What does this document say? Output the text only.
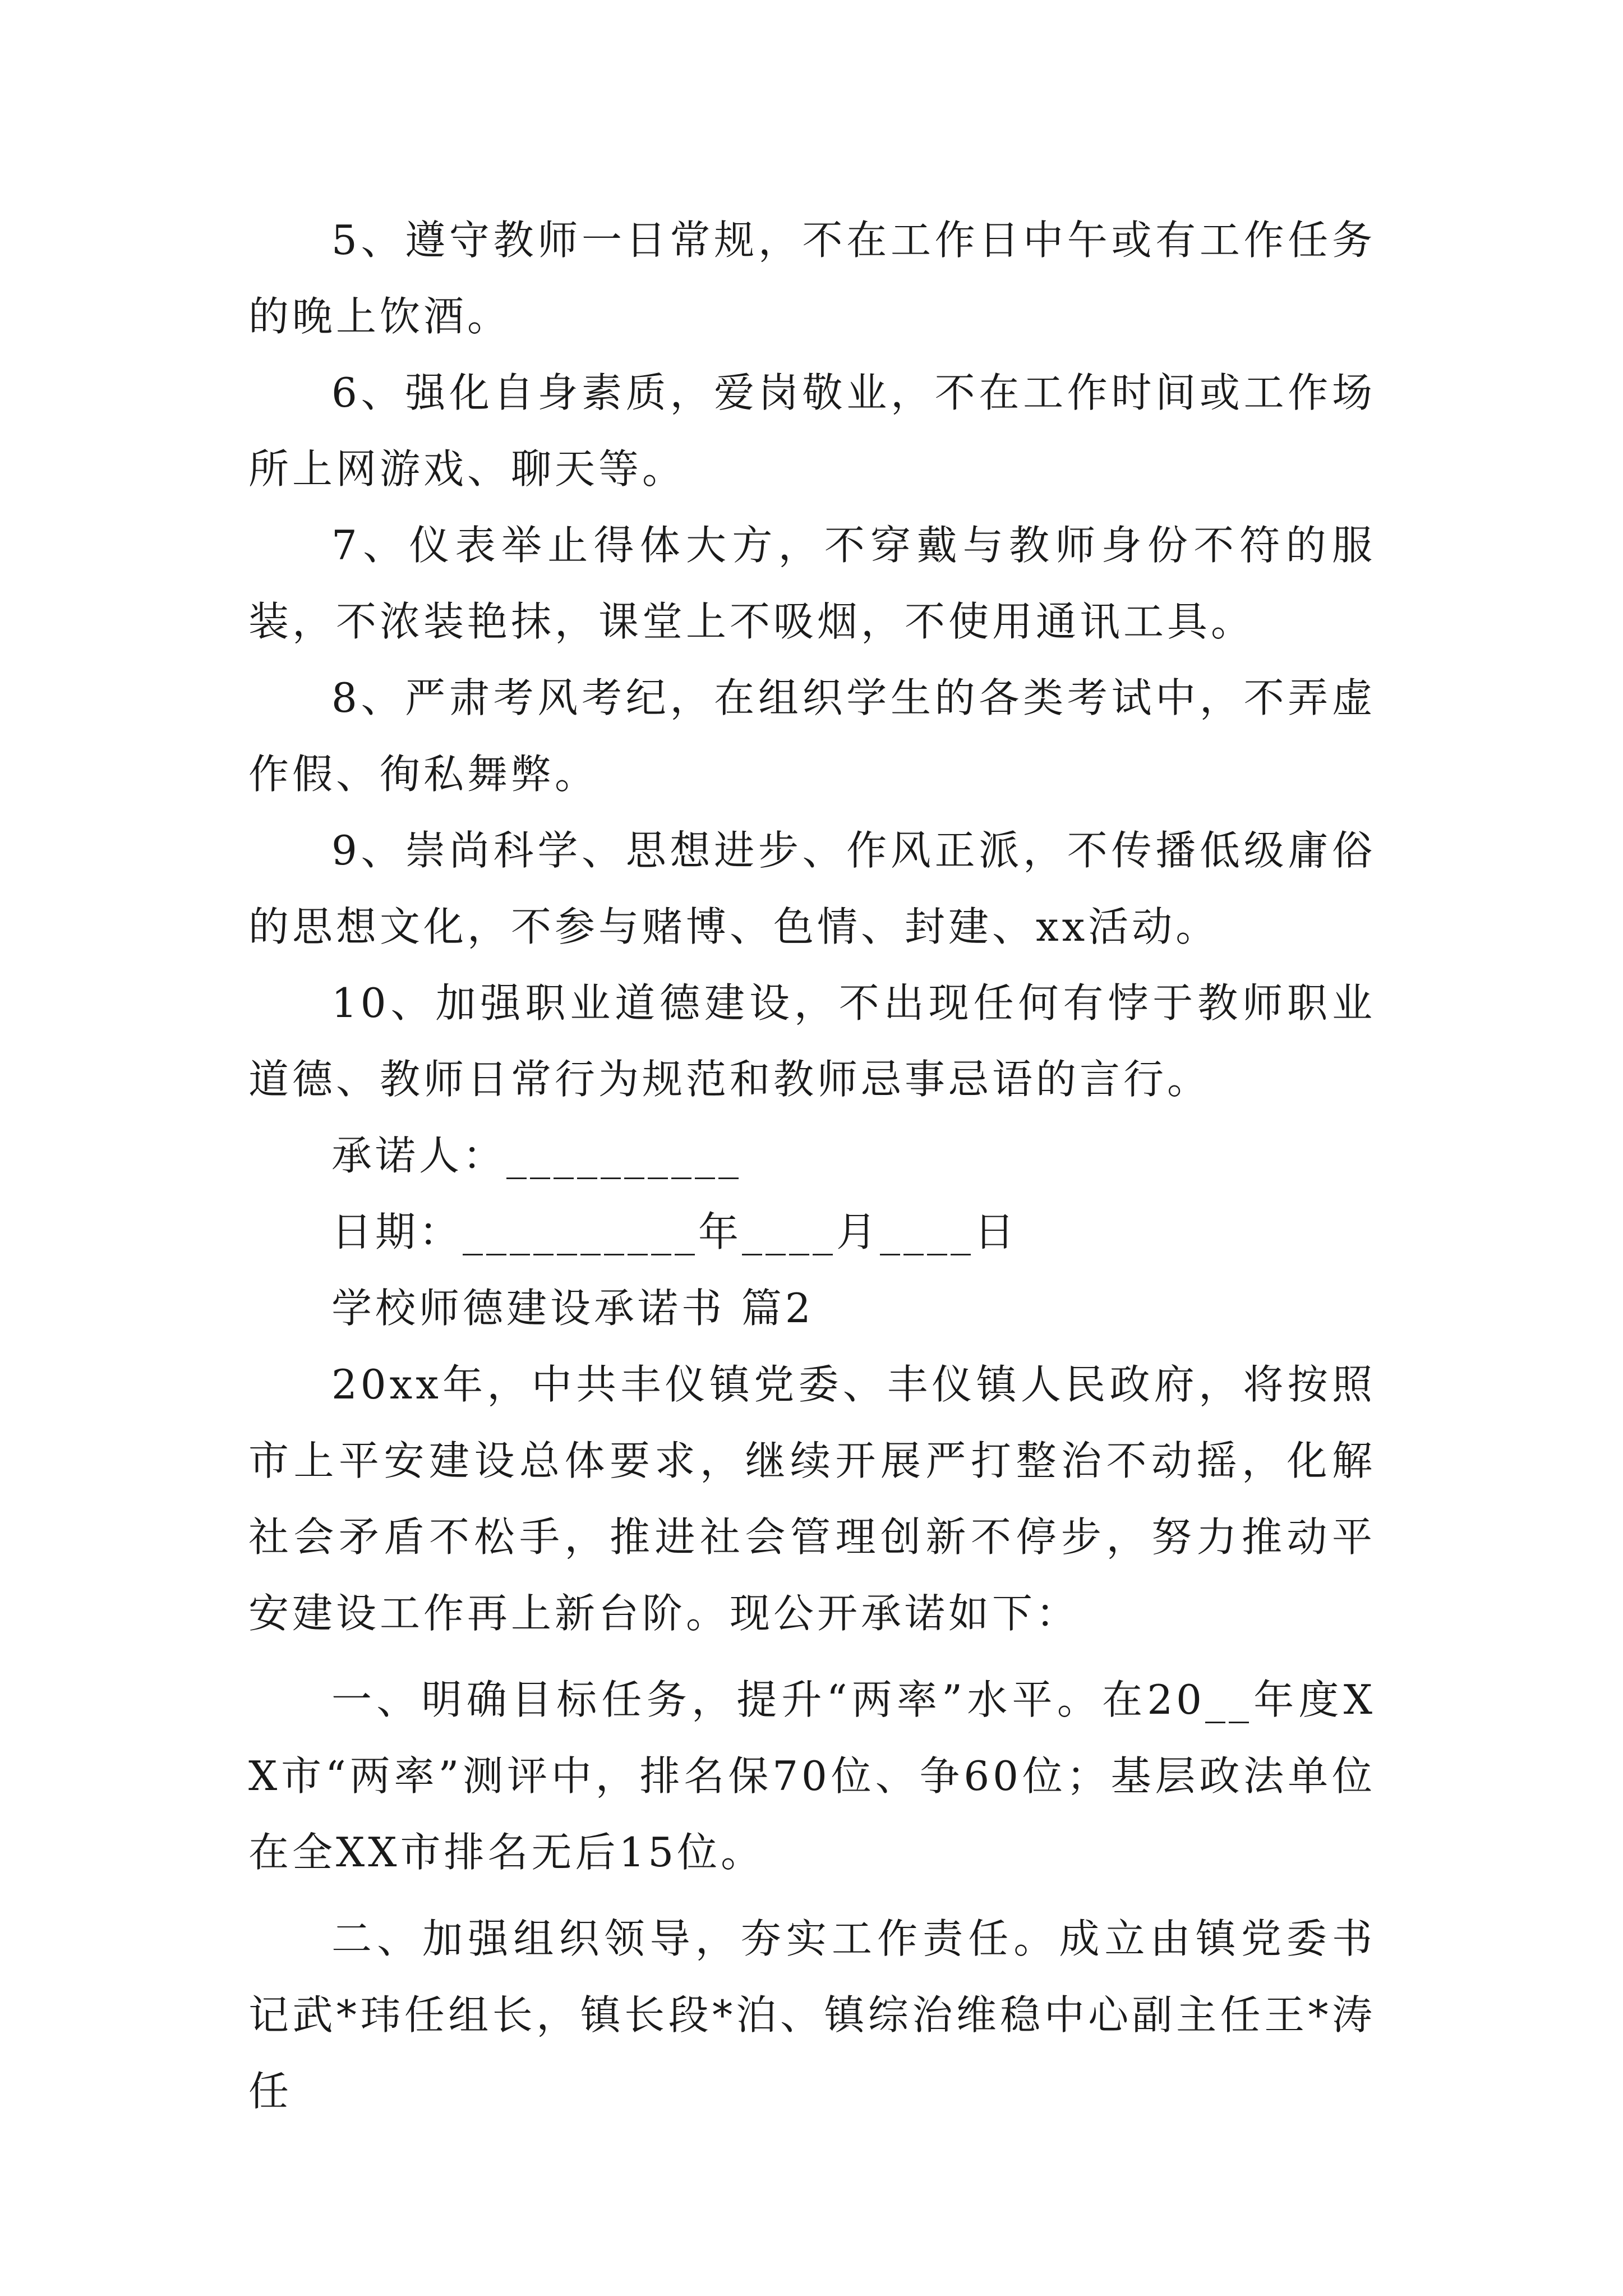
5、遵守教师一日常规，不在工作日中午或有工作任务的晚上饮酒。

6、强化自身素质，爱岗敬业，不在工作时间或工作场所上网游戏、聊天等。

7、仪表举止得体大方，不穿戴与教师身份不符的服装，不浓装艳抹，课堂上不吸烟，不使用通讯工具。

8、严肃考风考纪，在组织学生的各类考试中，不弄虚作假、徇私舞弊。

9、崇尚科学、思想进步、作风正派，不传播低级庸俗的思想文化，不参与赌博、色情、封建、xx活动。

10、加强职业道德建设，不出现任何有悖于教师职业道德、教师日常行为规范和教师忌事忌语的言行。

承诺人：__________

日期：__________年____月____日

学校师德建设承诺书 篇2

20xx年，中共丰仪镇党委、丰仪镇人民政府，将按照市上平安建设总体要求，继续开展严打整治不动摇，化解社会矛盾不松手，推进社会管理创新不停步，努力推动平安建设工作再上新台阶。现公开承诺如下：

一、明确目标任务，提升“两率”水平。在20__年度XX市“两率”测评中，排名保70位、争60位；基层政法单位在全XX市排名无后15位。

二、加强组织领导，夯实工作责任。成立由镇党委书记武*玮任组长，镇长段*泊、镇综治维稳中心副主任王*涛任
